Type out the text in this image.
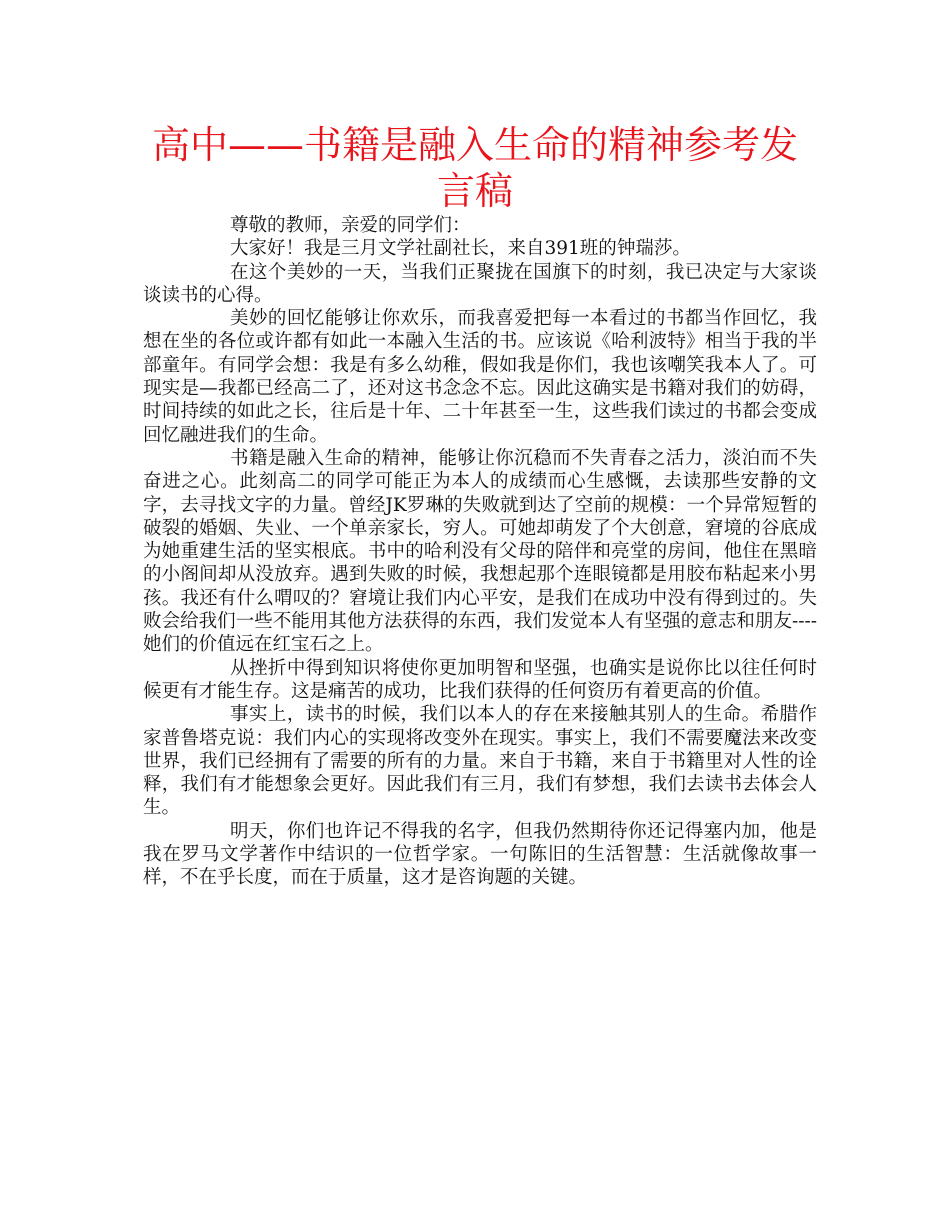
高中——书籍是融入生命的精神参考发言稿

尊敬的教师，亲爱的同学们：

大家好！我是三月文学社副社长，来自391班的钟瑞莎。

在这个美妙的一天，当我们正聚拢在国旗下的时刻，我已决定与大家谈谈读书的心得。

美妙的回忆能够让你欢乐，而我喜爱把每一本看过的书都当作回忆，我想在坐的各位或许都有如此一本融入生活的书。应该说《哈利波特》相当于我的半部童年。有同学会想：我是有多么幼稚，假如我是你们，我也该嘲笑我本人了。可现实是—我都已经高二了，还对这书念念不忘。因此这确实是书籍对我们的妨碍，时间持续的如此之长，往后是十年、二十年甚至一生，这些我们读过的书都会变成回忆融进我们的生命。

书籍是融入生命的精神，能够让你沉稳而不失青春之活力，淡泊而不失奋进之心。此刻高二的同学可能正为本人的成绩而心生感慨，去读那些安静的文字，去寻找文字的力量。曾经JK罗琳的失败就到达了空前的规模：一个异常短暂的破裂的婚姻、失业、一个单亲家长，穷人。可她却萌发了个大创意，窘境的谷底成为她重建生活的坚实根底。书中的哈利没有父母的陪伴和亮堂的房间，他住在黑暗的小阁间却从没放弃。遇到失败的时候，我想起那个连眼镜都是用胶布粘起来小男孩。我还有什么喟叹的？窘境让我们内心平安，是我们在成功中没有得到过的。失败会给我们一些不能用其他方法获得的东西，我们发觉本人有坚强的意志和朋友----她们的价值远在红宝石之上。

从挫折中得到知识将使你更加明智和坚强，也确实是说你比以往任何时候更有才能生存。这是痛苦的成功，比我们获得的任何资历有着更高的价值。

事实上，读书的时候，我们以本人的存在来接触其别人的生命。希腊作家普鲁塔克说：我们内心的实现将改变外在现实。事实上，我们不需要魔法来改变世界，我们已经拥有了需要的所有的力量。来自于书籍，来自于书籍里对人性的诠释，我们有才能想象会更好。因此我们有三月，我们有梦想，我们去读书去体会人生。

明天，你们也许记不得我的名字，但我仍然期待你还记得塞内加，他是我在罗马文学著作中结识的一位哲学家。一句陈旧的生活智慧：生活就像故事一样，不在乎长度，而在于质量，这才是咨询题的关键。
